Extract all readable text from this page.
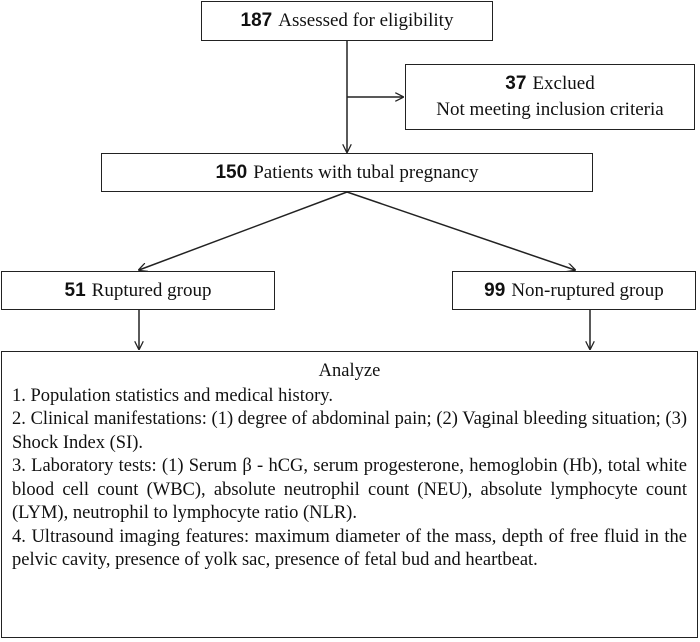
187 Assessed for eligibility
37 Exclued
Not meeting inclusion criteria
150 Patients with tubal pregnancy
51 Ruptured group	99 Non-ruptured group
Analyze

1. Population statistics and medical history.

2. Clinical manifestations: (1) degree of abdominal pain; (2) Vaginal bleeding situation; (3) Shock Index (SI).

3. Laboratory tests: (1) Serum β - hCG, serum progesterone, hemoglobin (Hb), total white blood cell count (WBC), absolute neutrophil count (NEU), absolute lymphocyte count (LYM), neutrophil to lymphocyte ratio (NLR).

4. Ultrasound imaging features: maximum diameter of the mass, depth of free fluid in the pelvic cavity, presence of yolk sac, presence of fetal bud and heartbeat.
